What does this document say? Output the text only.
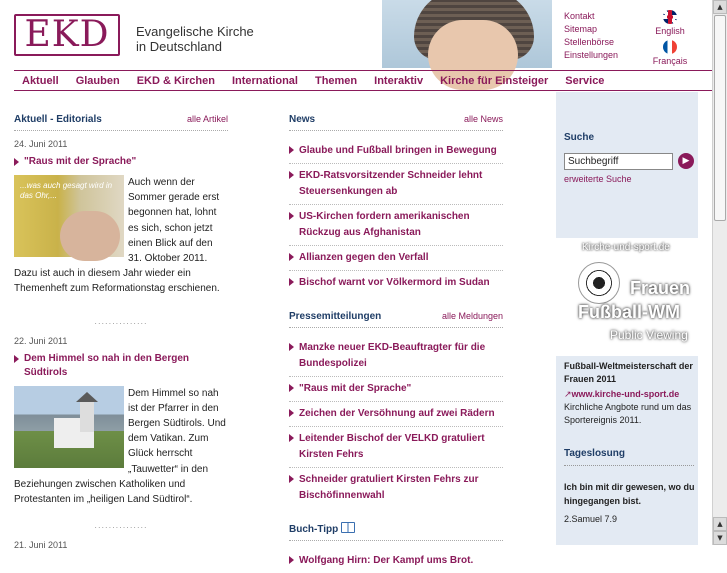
EKD Evangelische Kirche
in Deutschland
Kontakt
Sitemap
Stellenbörse
Einstellungen
English
Français
Aktuell Glauben EKD & Kirchen International Themen Interaktiv Kirche für Einsteiger Service
Aktuell - Editorials	alle Artikel
24. Juni 2011
"Raus mit der Sprache"
...was auch gesagt wird in das Ohr,...
Auch wenn der Sommer gerade erst begonnen hat, lohnt es sich, schon jetzt einen Blick auf den 31. Oktober 2011. Dazu ist auch in diesem Jahr wieder ein Themenheft zum Reformationstag erschienen.
...............
22. Juni 2011
Dem Himmel so nah in den Bergen Südtirols
Dem Himmel so nah ist der Pfarrer in den Bergen Südtirols. Und dem Vatikan. Zum Glück herrscht „Tauwetter“ in den Beziehungen zwischen Katholiken und Protestanten im „heiligen Land Südtirol“.
...............
21. Juni 2011
News	alle News
Glaube und Fußball bringen in Bewegung
EKD-Ratsvorsitzender Schneider lehnt Steuersenkungen ab
US-Kirchen fordern amerikanischen Rückzug aus Afghanistan
Allianzen gegen den Verfall
Bischof warnt vor Völkermord im Sudan
Pressemitteilungen	alle Meldungen
Manzke neuer EKD-Beauftragter für die Bundespolizei
"Raus mit der Sprache"
Zeichen der Versöhnung auf zwei Rädern
Leitender Bischof der VELKD gratuliert Kirsten Fehrs
Schneider gratuliert Kirsten Fehrs zur Bischöfinnenwahl
Buch-Tipp
Wolfgang Hirn: Der Kampf ums Brot.
Suche
Suchbegriff
▶
erweiterte Suche
Kirche-und-sport.de
Frauen
Fußball-WM
Public Viewing
Fußball-Weltmeisterschaft der Frauen 2011
↗www.kirche-und-sport.de
Kirchliche Angbote rund um das Sportereignis 2011.
Tageslosung
Ich bin mit dir gewesen, wo du hingegangen bist.
2.Samuel 7.9
▲
▲
▼
